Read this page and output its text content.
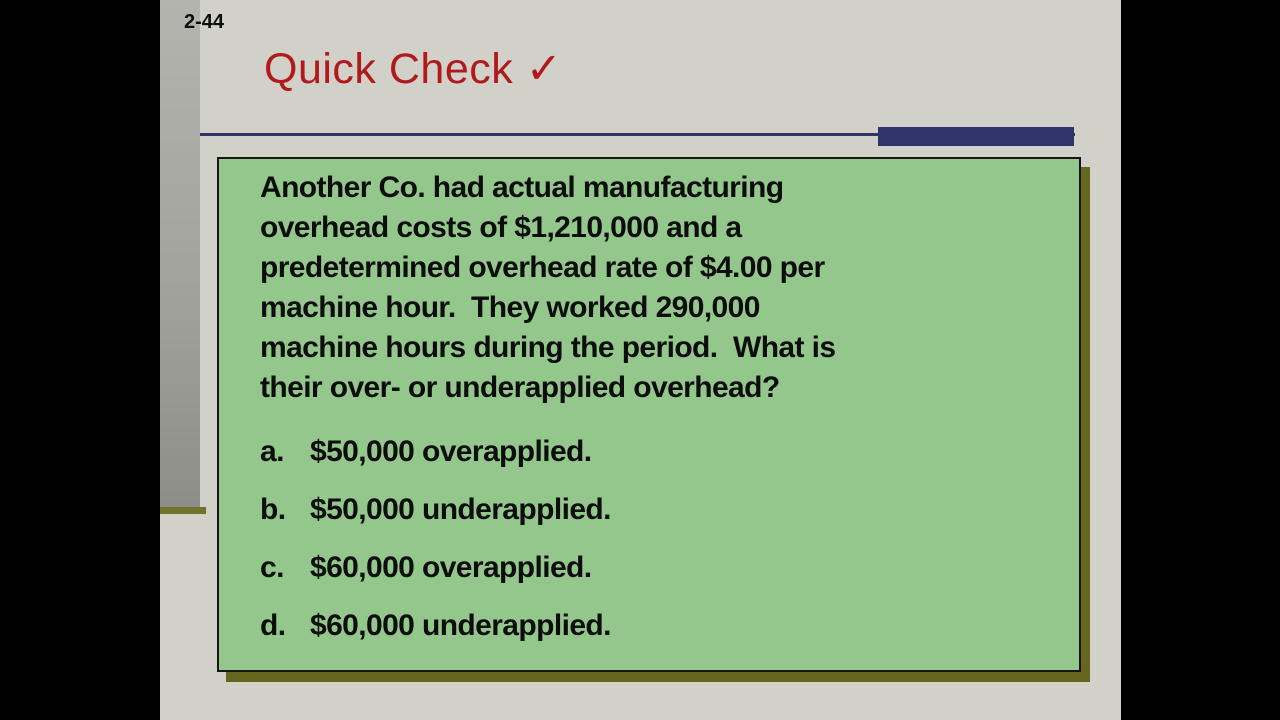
2-44
Quick Check ✓
Another Co. had actual manufacturing
overhead costs of $1,210,000 and a
predetermined overhead rate of $4.00 per
machine hour.  They worked 290,000
machine hours during the period.  What is
their over- or underapplied overhead?
a. $50,000 overapplied.
b. $50,000 underapplied.
c. $60,000 overapplied.
d. $60,000 underapplied.
